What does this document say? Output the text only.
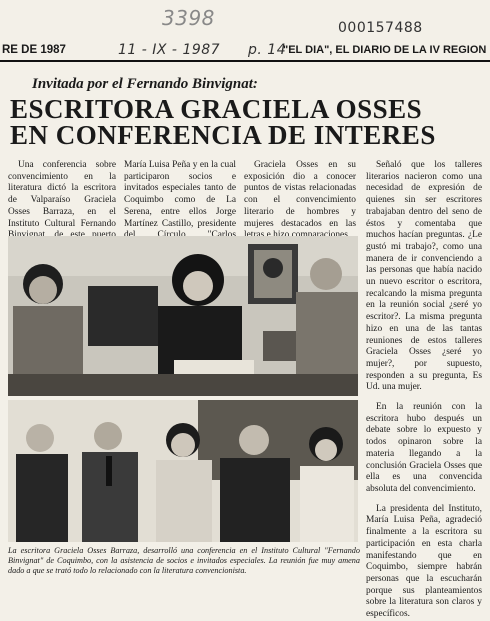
3398
11 - IX - 1987 p. 14
000157488
RE DE 1987	"EL DIA", EL DIARIO DE LA IV REGION
Invitada por el Fernando Binvignat:
ESCRITORA GRACIELA OSSES
EN CONFERENCIA DE INTERES

Una conferencia sobre convencimiento en la literatura dictó la escritora de Valparaíso Graciela Osses Barraza, en el Instituto Cultural Fernando

María Luisa Peña y en la cual participaron socios e invitados especiales tanto de Coquimbo como de La Serena, entre ellos Jorge Martínez Castillo, presidente

Graciela Osses en su exposición dio a conocer puntos de vistas relacionadas con el convencimiento literario de hombres y mujeres destacados en las

Señaló que los talleres literarios nacieron como una necesidad de expresión de quienes sin ser escritores trabajaban dentro del seno de éstos y comentaba que muchos hacían preguntas. ¿Le gustó mi trabajo?, como una manera de ir convenciendo a las personas que había nacido un nuevo escritor o escritora, recalcando la misma pregunta en la reunión social ¿seré yo escritor?. La misma pregunta hizo en una de las tantas reuniones de estos talleres Graciela Osses ¿seré yo mujer?, por supuesto, responden a su pregunta, Es Ud. una mujer.

En la reunión con la escritora hubo después un debate sobre lo expuesto y todos opinaron sobre la materia llegando a la conclusión Graciela Osses que ella es una convencida absoluta del convencimiento.

La presidenta del Instituto, María Luisa Peña, agradeció finalmente a la escritora su participación en esta charla manifestando que en Coquimbo, siempre habrán personas que la escucharán porque sus planteamientos sobre la literatura son claros y específicos.

La escritora Graciela Osses Barraza, desarrolló una conferencia en el Instituto Cultural "Fernando Binvignat" de Coquimbo, con la asistencia de socios e invitados especiales. La reunión fue muy amena dado a que se trató todo lo relacionado con la literatura convencionista.
